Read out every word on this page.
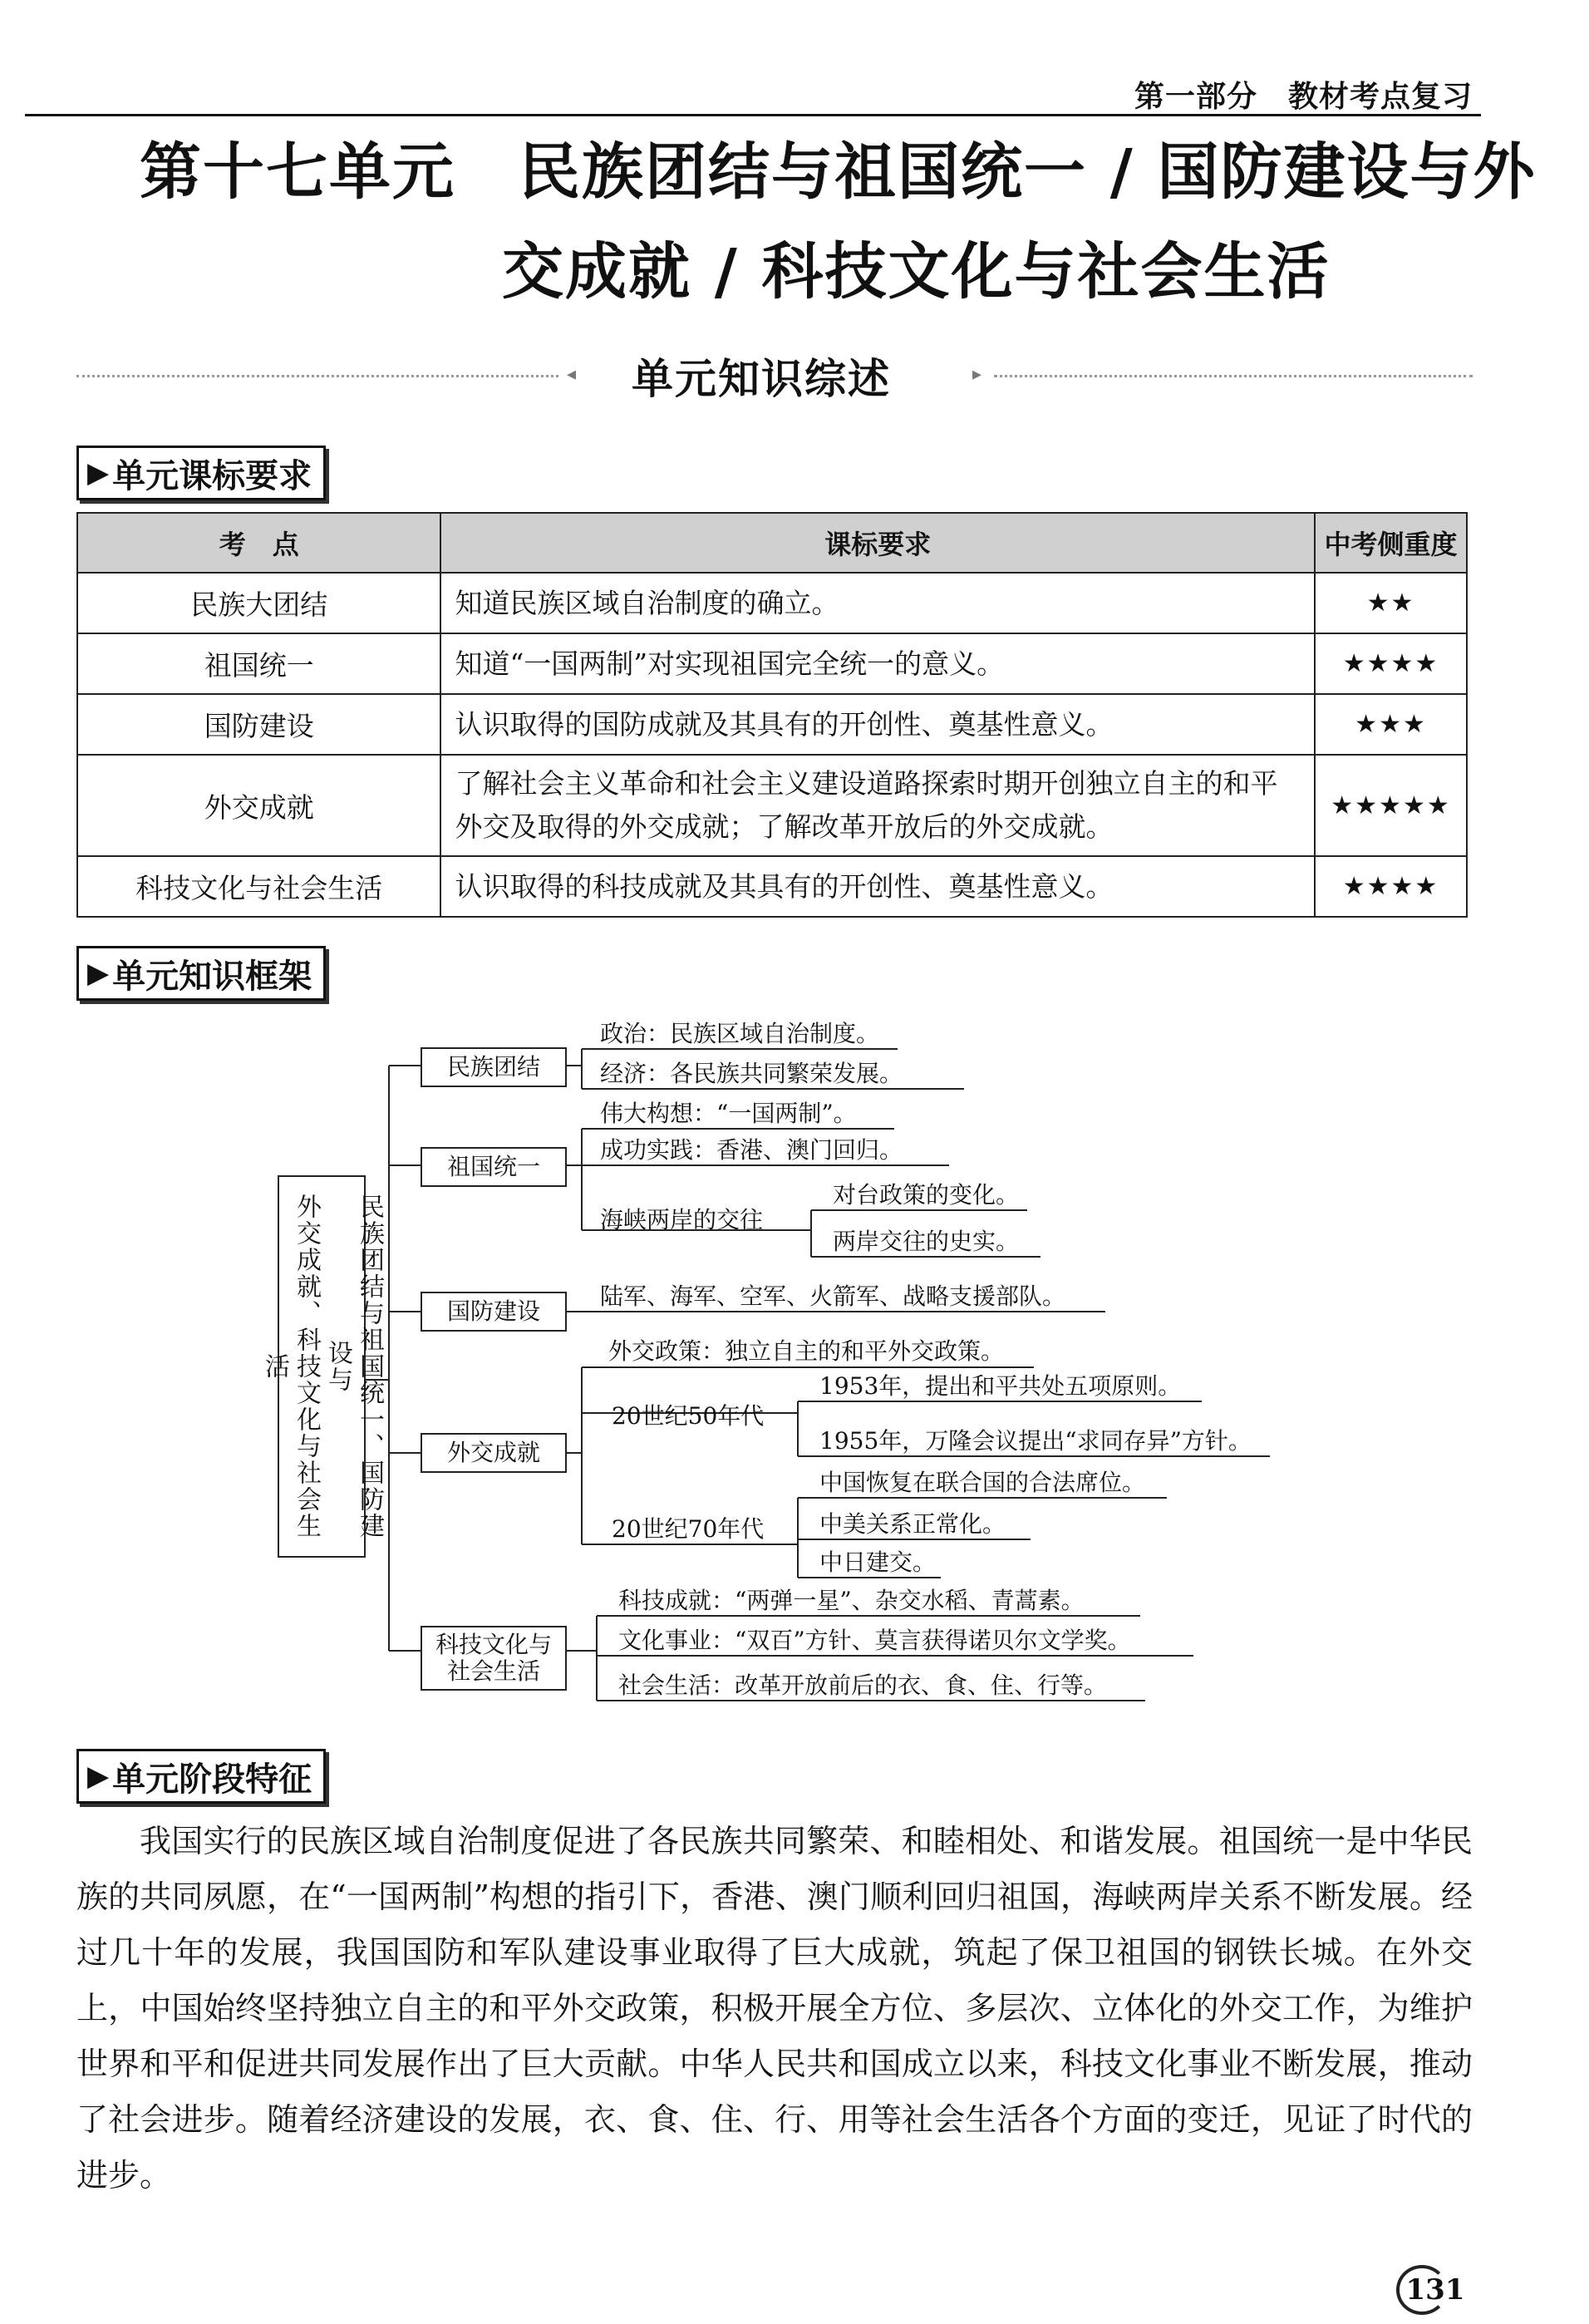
第一部分　教材考点复习
第十七单元　民族团结与祖国统一 / 国防建设与外
交成就 / 科技文化与社会生活
◂ 单元知识综述	▸
▶ 单元课标要求
考　点	课标要求	中考侧重度
民族大团结	知道民族区域自治制度的确立。	★★
祖国统一	知道“一国两制”对实现祖国完全统一的意义。	★★★★
国防建设	认识取得的国防成就及其具有的开创性、奠基性意义。	★★★
外交成就	了解社会主义革命和社会主义建设道路探索时期开创独立自主的和平外交及取得的外交成就；了解改革开放后的外交成就。	★★★★★
科技文化与社会生活	认识取得的科技成就及其具有的开创性、奠基性意义。	★★★★
▶ 单元知识框架
外交成就、科技文化与社会生活	民族团结与祖国统一、国防建设与
民族团结
政治：民族区域自治制度。
经济：各民族共同繁荣发展。
祖国统一
伟大构想：“一国两制”。
成功实践：香港、澳门回归。
海峡两岸的交往
对台政策的变化。
两岸交往的史实。
国防建设
陆军、海军、空军、火箭军、战略支援部队。
外交成就
外交政策：独立自主的和平外交政策。
20世纪50年代
1953年，提出和平共处五项原则。
1955年，万隆会议提出“求同存异”方针。
20世纪70年代
中国恢复在联合国的合法席位。
中美关系正常化。
中日建交。
科技文化与社会生活
科技成就：“两弹一星”、杂交水稻、青蒿素。
文化事业：“双百”方针、莫言获得诺贝尔文学奖。
社会生活：改革开放前后的衣、食、住、行等。
▶ 单元阶段特征

我国实行的民族区域自治制度促进了各民族共同繁荣、和睦相处、和谐发展。祖国统一是中华民族的共同夙愿，在“一国两制”构想的指引下，香港、澳门顺利回归祖国，海峡两岸关系不断发展。经过几十年的发展，我国国防和军队建设事业取得了巨大成就，筑起了保卫祖国的钢铁长城。在外交上，中国始终坚持独立自主的和平外交政策，积极开展全方位、多层次、立体化的外交工作，为维护世界和平和促进共同发展作出了巨大贡献。中华人民共和国成立以来，科技文化事业不断发展，推动了社会进步。随着经济建设的发展，衣、食、住、行、用等社会生活各个方面的变迁，见证了时代的进步。

131
